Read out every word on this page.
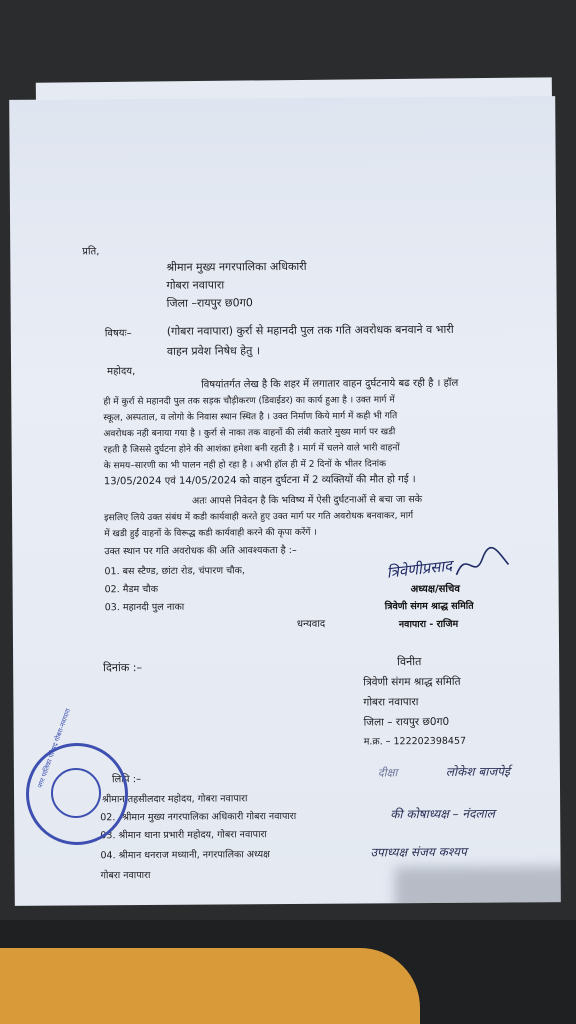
प्रति,
श्रीमान मुख्य नगरपालिका अधिकारी
गोबरा नवापारा
जिला –रायपुर छ0ग0
विषयः–	(गोबरा नवापारा) कुर्रा से महानदी पुल तक गति अवरोधक बनवाने व भारी
वाहन प्रवेश निषेध हेतु ।
महोदय,
विषयांतर्गत लेख है कि शहर में लगातार वाहन दुर्घटनाये बढ रही है । हॉल
ही में कुर्रा से महानदी पुल तक सड़क चौड़ीकरण (डिवाईडर) का कार्य हुआ है । उक्त मार्ग में
स्कूल, अस्पताल, व लोगो के निवास स्थान स्थित है । उक्त निर्माण किये मार्ग में कही भी गति
अवरोधक नही बनाया गया है । कुर्रा से नाका तक वाहनों की लंबी कतारे मुख्य मार्ग पर खडी
रहती है जिससे दुर्घटना होने की आशंका हमेशा बनी रहती है । मार्ग में चलने वाले भारी वाहनों
के समय–सारणी का भी पालन नही हो रहा है । अभी हॉल ही में 2 दिनों के भीतर दिनांक
13/05/2024 एवं 14/05/2024 को वाहन दुर्घटना में 2 व्यक्तियों की मौत हो गई ।
अतः आपसे निवेदन है कि भविष्य में ऐसी दुर्घटनाओं से बचा जा सके
इसलिए लिये उक्त संबंध में कडी कार्यवाही करते हुए उक्त मार्ग पर गति अवरोधक बनवाकर, मार्ग
में खडी हुई वाहनों के विरूद्ध कडी कार्यवाही करने की कृपा करेंगें ।
उक्त स्थान पर गति अवरोधक की अति आवश्यकता है :–
01. बस स्टैण्ड, छांटा रोड, चंपारण चौक,
02. मैडम चौक
03. महानदी पुल नाका
धन्यवाद
त्रिवेणीप्रसाद
अध्यक्ष/सचिव
त्रिवेणी संगम श्राद्ध समिति
नवापारा - राजिम
दिनांक :–	विनीत
त्रिवेणी संगम श्राद्ध समिति
गोबरा नवापारा
जिला – रायपुर छ0ग0
म.क्र. – 122202398457
लिपि :–
श्रीमान तहसीलदार महोदय, गोबरा नवापारा
02. श्रीमान मुख्य नगरपालिका अधिकारी गोबरा नवापारा
03. श्रीमान थाना प्रभारी महोदय, गोबरा नवापारा
04. श्रीमान धनराज मध्यानी, नगरपालिका अध्यक्ष
गोबरा नवापारा
दीक्षा	लोकेश बाजपेई
की कोषाध्यक्ष – नंदलाल
उपाध्यक्ष संजय कश्यप
नगर पालिका परिषद गोबरा-नवापारा
